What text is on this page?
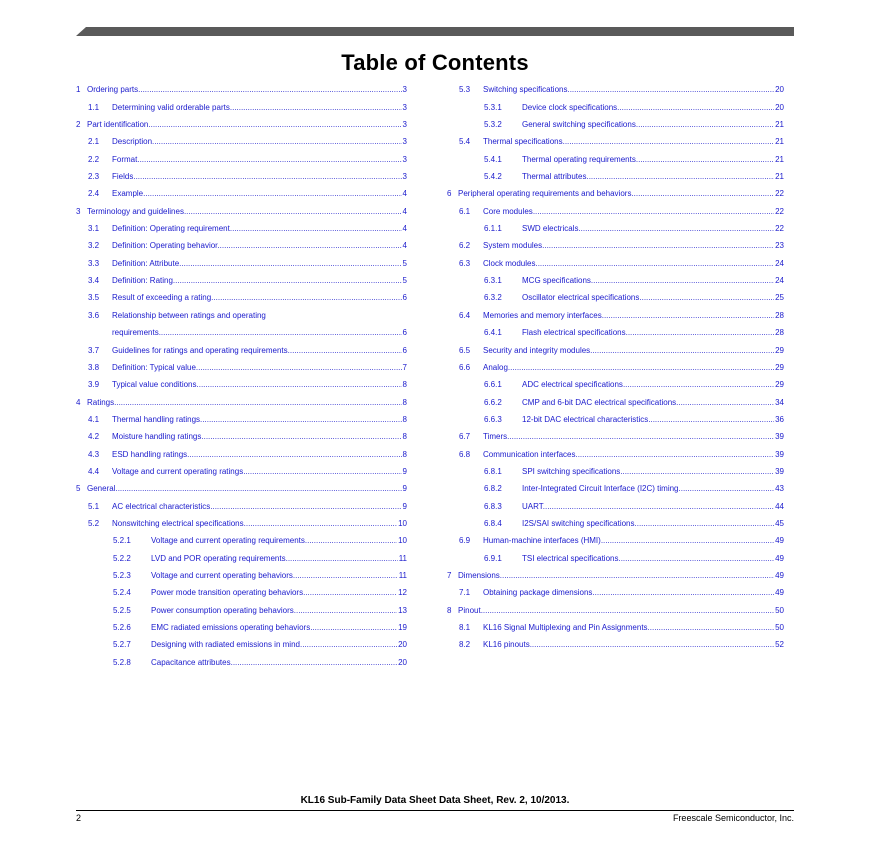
Table of Contents
1 Ordering parts .....	3
1.1	Determining valid orderable parts .....	3
2 Part identification .....	3
2.1	Description .....	3
2.2	Format .....	3
2.3	Fields .....	3
2.4	Example .....	4
3 Terminology and guidelines .....	4
3.1	Definition: Operating requirement .....	4
3.2	Definition: Operating behavior .....	4
3.3	Definition: Attribute .....	5
3.4	Definition: Rating .....	5
3.5	Result of exceeding a rating .....	6
3.6	Relationship between ratings and operating
requirements .....	6
3.7	Guidelines for ratings and operating requirements .....	6
3.8	Definition: Typical value .....	7
3.9	Typical value conditions .....	8
4 Ratings .....	8
4.1	Thermal handling ratings .....	8
4.2	Moisture handling ratings .....	8
4.3	ESD handling ratings .....	8
4.4	Voltage and current operating ratings .....	9
5 General .....	9
5.1	AC electrical characteristics .....	9
5.2	Nonswitching electrical specifications .....	10
5.2.1	Voltage and current operating requirements .....	10
5.2.2	LVD and POR operating requirements .....	11
5.2.3	Voltage and current operating behaviors .....	11
5.2.4	Power mode transition operating behaviors .....	12
5.2.5	Power consumption operating behaviors .....	13
5.2.6	EMC radiated emissions operating behaviors .....	19
5.2.7	Designing with radiated emissions in mind .....	20
5.2.8	Capacitance attributes .....	20
5.3	Switching specifications .....	20
5.3.1	Device clock specifications .....	20
5.3.2	General switching specifications .....	21
5.4	Thermal specifications .....	21
5.4.1	Thermal operating requirements .....	21
5.4.2	Thermal attributes .....	21
6 Peripheral operating requirements and behaviors .....	22
6.1	Core modules .....	22
6.1.1	SWD electricals .....	22
6.2	System modules .....	23
6.3	Clock modules .....	24
6.3.1	MCG specifications .....	24
6.3.2	Oscillator electrical specifications .....	25
6.4	Memories and memory interfaces .....	28
6.4.1	Flash electrical specifications .....	28
6.5	Security and integrity modules .....	29
6.6	Analog .....	29
6.6.1	ADC electrical specifications .....	29
6.6.2	CMP and 6-bit DAC electrical specifications .....	34
6.6.3	12-bit DAC electrical characteristics .....	36
6.7	Timers .....	39
6.8	Communication interfaces .....	39
6.8.1	SPI switching specifications .....	39
6.8.2	Inter-Integrated Circuit Interface (I2C) timing .....	43
6.8.3	UART .....	44
6.8.4	I2S/SAI switching specifications .....	45
6.9	Human-machine interfaces (HMI) .....	49
6.9.1	TSI electrical specifications .....	49
7 Dimensions .....	49
7.1	Obtaining package dimensions .....	49
8 Pinout .....	50
8.1	KL16 Signal Multiplexing and Pin Assignments .....	50
8.2	KL16 pinouts .....	52
KL16 Sub-Family Data Sheet Data Sheet, Rev. 2, 10/2013.
2	Freescale Semiconductor, Inc.
